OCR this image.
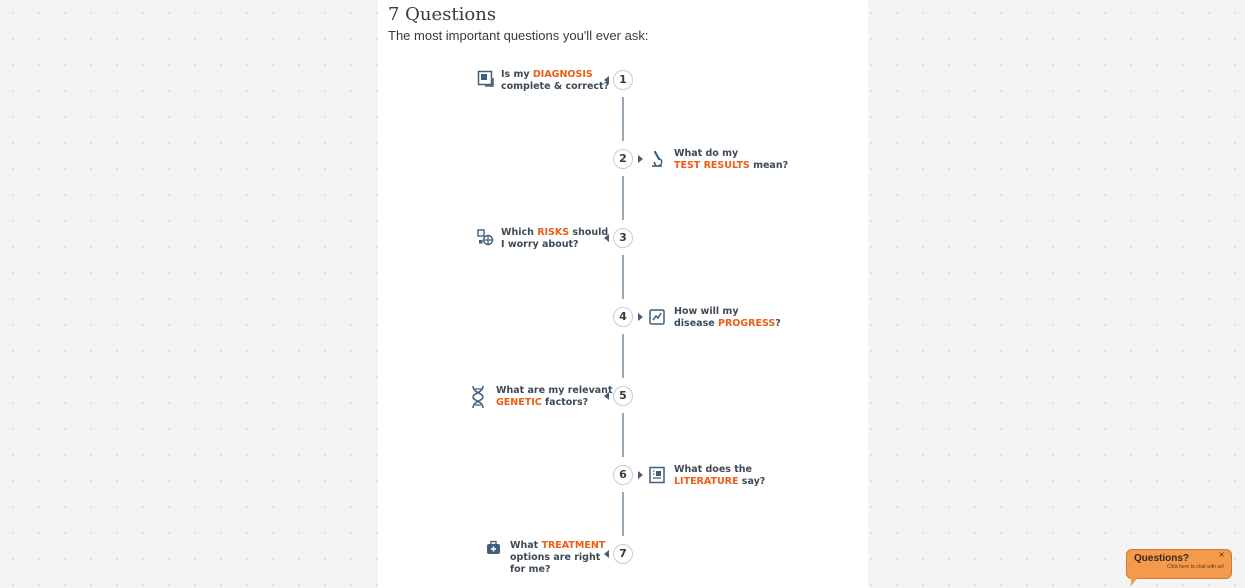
7 Questions
The most important questions you'll ever ask:
Is my DIAGNOSIS
complete & correct?
1
2	What do my
TEST RESULTS mean?
Which RISKS should
I worry about?
3
4	How will my
disease PROGRESS?
What are my relevant
GENETIC factors?
5
6	What does the
LITERATURE say?
What TREATMENT
options are right
for me?
7	Questions?
Click here to chat with us!
×
